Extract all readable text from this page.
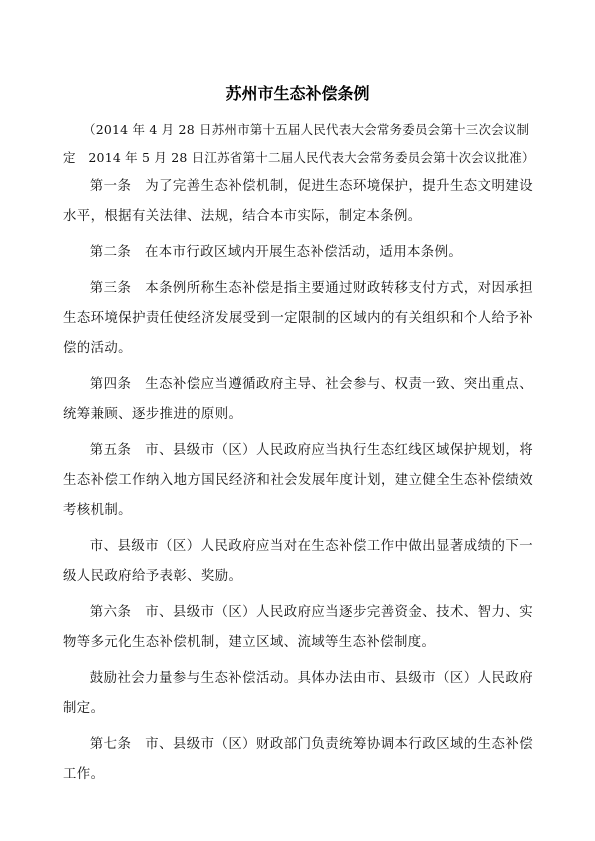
苏州市生态补偿条例
（2014 年 4 月 28 日苏州市第十五届人民代表大会常务委员会第十三次会议制
定　2014 年 5 月 28 日江苏省第十二届人民代表大会常务委员会第十次会议批准）

第一条　 为了完善生态补偿机制，促进生态环境保护，提升生态文明建设水平，根据有关法律、法规，结合本市实际，制定本条例。

第二条　 在本市行政区域内开展生态补偿活动，适用本条例。

第三条　 本条例所称生态补偿是指主要通过财政转移支付方式，对因承担生态环境保护责任使经济发展受到一定限制的区域内的有关组织和个人给予补偿的活动。

第四条　 生态补偿应当遵循政府主导、社会参与、权责一致、突出重点、统筹兼顾、逐步推进的原则。

第五条　 市、县级市（区）人民政府应当执行生态红线区域保护规划，将生态补偿工作纳入地方国民经济和社会发展年度计划，建立健全生态补偿绩效考核机制。

市、县级市（区）人民政府应当对在生态补偿工作中做出显著成绩的下一级人民政府给予表彰、奖励。

第六条　 市、县级市（区）人民政府应当逐步完善资金、技术、智力、实物等多元化生态补偿机制，建立区域、流域等生态补偿制度。

鼓励社会力量参与生态补偿活动。具体办法由市、县级市（区）人民政府制定。

第七条　 市、县级市（区）财政部门负责统筹协调本行政区域的生态补偿工作。
